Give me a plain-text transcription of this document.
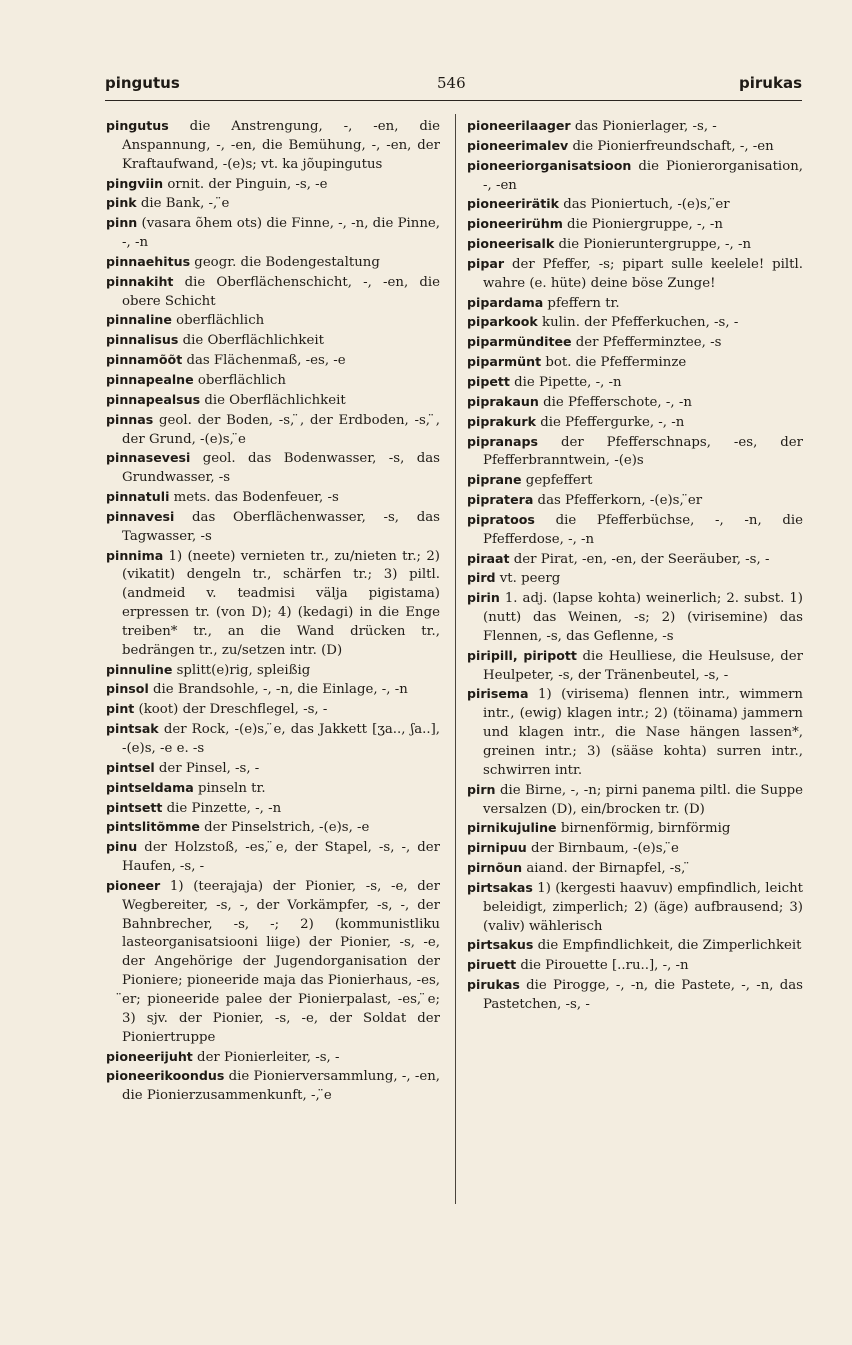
pingutus	546	pirukas

pingutus die Anstrengung, -, -en, die Anspannung, -, -en, die Bemühung, -, -en, der Kraftaufwand, -(e)s; vt. ka jõupingutus

pingviin ornit. der Pinguin, -s, -e

pink die Bank, -, ̈e

pinn (vasara õhem ots) die Finne, -, -n, die Pinne, -, -n

pinnaehitus geogr. die Bodengestaltung

pinnakiht die Oberflächenschicht, -, -en, die obere Schicht

pinnaline oberflächlich

pinnalisus die Oberflächlichkeit

pinnamõõt das Flächenmaß, -es, -e

pinnapealne oberflächlich

pinnapealsus die Oberflächlichkeit

pinnas geol. der Boden, -s, ̈, der Erdboden, -s, ̈, der Grund, -(e)s, ̈e

pinnasevesi geol. das Bodenwasser, -s, das Grundwasser, -s

pinnatuli mets. das Bodenfeuer, -s

pinnavesi das Oberflächenwasser, -s, das Tagwasser, -s

pinnima 1) (neete) vernieten tr., zu/nieten tr.; 2) (vikatit) dengeln tr., schärfen tr.; 3) piltl. (andmeid v. teadmisi välja pigistama) erpressen tr. (von D); 4) (kedagi) in die Enge treiben* tr., an die Wand drücken tr., bedrängen tr., zu/setzen intr. (D)

pinnuline splitt(e)rig, spleißig

pinsol die Brandsohle, -, -n, die Einlage, -, -n

pint (koot) der Dreschflegel, -s, -

pintsak der Rock, -(e)s, ̈e, das Jakkett [ʒa.., ʃa..], -(e)s, -e e. -s

pintsel der Pinsel, -s, -

pintseldama pinseln tr.

pintsett die Pinzette, -, -n

pintslitõmme der Pinselstrich, -(e)s, -e

pinu der Holzstoß, -es, ̈e, der Stapel, -s, -, der Haufen, -s, -

pioneer 1) (teerajaja) der Pionier, -s, -e, der Wegbereiter, -s, -, der Vorkämpfer, -s, -, der Bahnbrecher, -s, -; 2) (kommunistliku lasteorganisatsiooni liige) der Pionier, -s, -e, der Angehörige der Jugendorganisation der Pioniere; pioneeride maja das Pionierhaus, -es, ̈er; pioneeride palee der Pionierpalast, -es, ̈e; 3) sjv. der Pionier, -s, -e, der Soldat der Pioniertruppe

pioneerijuht der Pionierleiter, -s, -

pioneerikoondus die Pionierversammlung, -, -en, die Pionierzusammenkunft, -, ̈e

pioneerilaager das Pionierlager, -s, -

pioneerimalev die Pionierfreundschaft, -, -en

pioneeriorganisatsioon die Pionierorganisation, -, -en

pioneerirätik das Pioniertuch, -(e)s, ̈er

pioneerirühm die Pioniergruppe, -, -n

pioneerisalk die Pionieruntergruppe, -, -n

pipar der Pfeffer, -s; pipart sulle keelele! piltl. wahre (e. hüte) deine böse Zunge!

pipardama pfeffern tr.

piparkook kulin. der Pfefferkuchen, -s, -

piparmünditee der Pfefferminztee, -s

piparmünt bot. die Pfefferminze

pipett die Pipette, -, -n

piprakaun die Pfefferschote, -, -n

piprakurk die Pfeffergurke, -, -n

pipranaps der Pfefferschnaps, -es, der Pfefferbranntwein, -(e)s

piprane gepfeffert

pipratera das Pfefferkorn, -(e)s, ̈er

pipratoos die Pfefferbüchse, -, -n, die Pfefferdose, -, -n

piraat der Pirat, -en, -en, der Seeräuber, -s, -

pird vt. peerg

pirin 1. adj. (lapse kohta) weinerlich; 2. subst. 1) (nutt) das Weinen, -s; 2) (virisemine) das Flennen, -s, das Geflenne, -s

piripill, piripott die Heulliese, die Heulsuse, der Heulpeter, -s, der Tränenbeutel, -s, -

pirisema 1) (virisema) flennen intr., wimmern intr., (ewig) klagen intr.; 2) (töinama) jammern und klagen intr., die Nase hängen lassen*, greinen intr.; 3) (sääse kohta) surren intr., schwirren intr.

pirn die Birne, -, -n; pirni panema piltl. die Suppe versalzen (D), ein/brocken tr. (D)

pirnikujuline birnenförmig, birnförmig

pirnipuu der Birnbaum, -(e)s, ̈e

pirnõun aiand. der Birnapfel, -s, ̈

pirtsakas 1) (kergesti haavuv) empfindlich, leicht beleidigt, zimperlich; 2) (äge) aufbrausend; 3) (valiv) wählerisch

pirtsakus die Empfindlichkeit, die Zimperlichkeit

piruett die Pirouette [..ru..], -, -n

pirukas die Pirogge, -, -n, die Pastete, -, -n, das Pastetchen, -s, -
